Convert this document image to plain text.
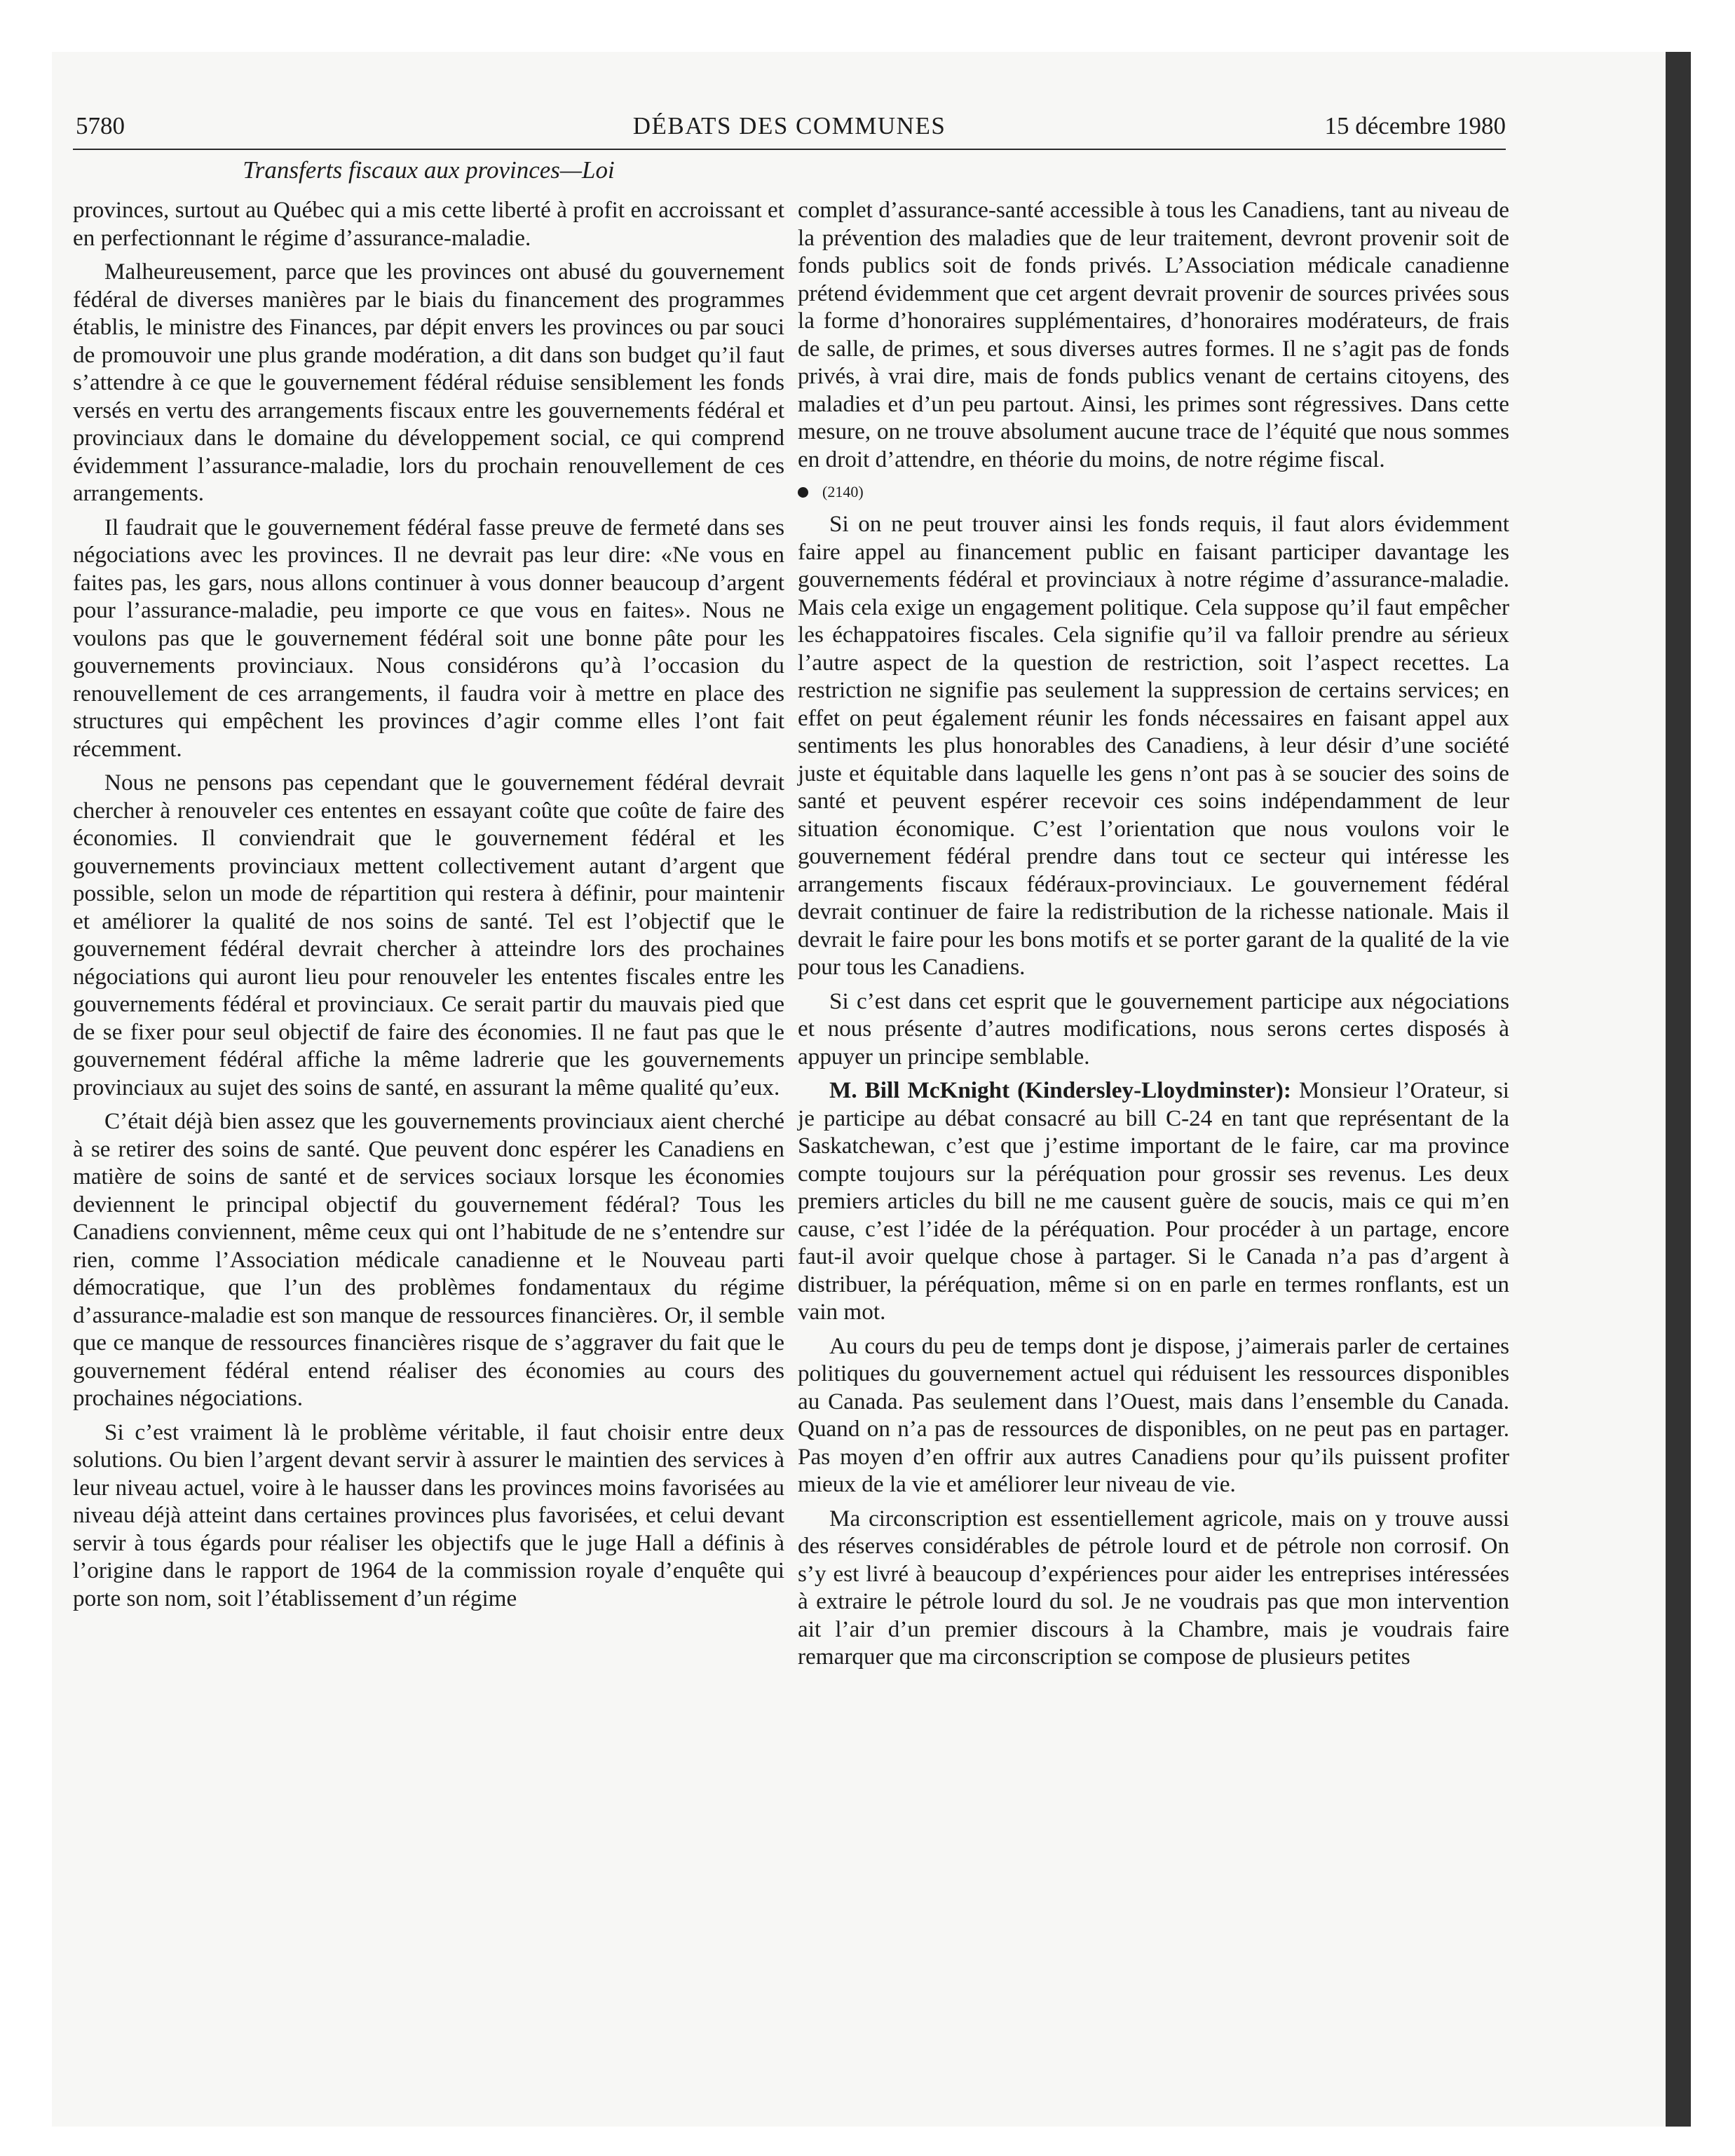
5780	DÉBATS DES COMMUNES	15 décembre 1980
Transferts fiscaux aux provinces—Loi

provinces, surtout au Québec qui a mis cette liberté à profit en accroissant et en perfectionnant le régime d’assurance-maladie.

Malheureusement, parce que les provinces ont abusé du gouvernement fédéral de diverses manières par le biais du financement des programmes établis, le ministre des Finances, par dépit envers les provinces ou par souci de promouvoir une plus grande modération, a dit dans son budget qu’il faut s’attendre à ce que le gouvernement fédéral réduise sensiblement les fonds versés en vertu des arrangements fiscaux entre les gouvernements fédéral et provinciaux dans le domaine du développement social, ce qui comprend évidemment l’assurance-maladie, lors du prochain renouvellement de ces arrangements.

Il faudrait que le gouvernement fédéral fasse preuve de fermeté dans ses négociations avec les provinces. Il ne devrait pas leur dire: «Ne vous en faites pas, les gars, nous allons continuer à vous donner beaucoup d’argent pour l’assurance-maladie, peu importe ce que vous en faites». Nous ne voulons pas que le gouvernement fédéral soit une bonne pâte pour les gouvernements provinciaux. Nous considérons qu’à l’occasion du renouvellement de ces arrangements, il faudra voir à mettre en place des structures qui empêchent les provinces d’agir comme elles l’ont fait récemment.

Nous ne pensons pas cependant que le gouvernement fédéral devrait chercher à renouveler ces ententes en essayant coûte que coûte de faire des économies. Il conviendrait que le gouvernement fédéral et les gouvernements provinciaux mettent collectivement autant d’argent que possible, selon un mode de répartition qui restera à définir, pour maintenir et améliorer la qualité de nos soins de santé. Tel est l’objectif que le gouvernement fédéral devrait chercher à atteindre lors des prochaines négociations qui auront lieu pour renouveler les ententes fiscales entre les gouvernements fédéral et provinciaux. Ce serait partir du mauvais pied que de se fixer pour seul objectif de faire des économies. Il ne faut pas que le gouvernement fédéral affiche la même ladrerie que les gouvernements provinciaux au sujet des soins de santé, en assurant la même qualité qu’eux.

C’était déjà bien assez que les gouvernements provinciaux aient cherché à se retirer des soins de santé. Que peuvent donc espérer les Canadiens en matière de soins de santé et de services sociaux lorsque les économies deviennent le principal objectif du gouvernement fédéral? Tous les Canadiens conviennent, même ceux qui ont l’habitude de ne s’entendre sur rien, comme l’Association médicale canadienne et le Nouveau parti démocratique, que l’un des problèmes fondamentaux du régime d’assurance-maladie est son manque de ressources financières. Or, il semble que ce manque de ressources financières risque de s’aggraver du fait que le gouvernement fédéral entend réaliser des économies au cours des prochaines négociations.

Si c’est vraiment là le problème véritable, il faut choisir entre deux solutions. Ou bien l’argent devant servir à assurer le maintien des services à leur niveau actuel, voire à le hausser dans les provinces moins favorisées au niveau déjà atteint dans certaines provinces plus favorisées, et celui devant servir à tous égards pour réaliser les objectifs que le juge Hall a définis à l’origine dans le rapport de 1964 de la commission royale d’enquête qui porte son nom, soit l’établissement d’un régime

complet d’assurance-santé accessible à tous les Canadiens, tant au niveau de la prévention des maladies que de leur traitement, devront provenir soit de fonds publics soit de fonds privés. L’Association médicale canadienne prétend évidemment que cet argent devrait provenir de sources privées sous la forme d’honoraires supplémentaires, d’honoraires modérateurs, de frais de salle, de primes, et sous diverses autres formes. Il ne s’agit pas de fonds privés, à vrai dire, mais de fonds publics venant de certains citoyens, des maladies et d’un peu partout. Ainsi, les primes sont régressives. Dans cette mesure, on ne trouve absolument aucune trace de l’équité que nous sommes en droit d’attendre, en théorie du moins, de notre régime fiscal.

(2140)

Si on ne peut trouver ainsi les fonds requis, il faut alors évidemment faire appel au financement public en faisant participer davantage les gouvernements fédéral et provinciaux à notre régime d’assurance-maladie. Mais cela exige un engagement politique. Cela suppose qu’il faut empêcher les échappatoires fiscales. Cela signifie qu’il va falloir prendre au sérieux l’autre aspect de la question de restriction, soit l’aspect recettes. La restriction ne signifie pas seulement la suppression de certains services; en effet on peut également réunir les fonds nécessaires en faisant appel aux sentiments les plus honorables des Canadiens, à leur désir d’une société juste et équitable dans laquelle les gens n’ont pas à se soucier des soins de santé et peuvent espérer recevoir ces soins indépendamment de leur situation économique. C’est l’orientation que nous voulons voir le gouvernement fédéral prendre dans tout ce secteur qui intéresse les arrangements fiscaux fédéraux-provinciaux. Le gouvernement fédéral devrait continuer de faire la redistribution de la richesse nationale. Mais il devrait le faire pour les bons motifs et se porter garant de la qualité de la vie pour tous les Canadiens.

Si c’est dans cet esprit que le gouvernement participe aux négociations et nous présente d’autres modifications, nous serons certes disposés à appuyer un principe semblable.

M. Bill McKnight (Kindersley-Lloydminster): Monsieur l’Orateur, si je participe au débat consacré au bill C-24 en tant que représentant de la Saskatchewan, c’est que j’estime important de le faire, car ma province compte toujours sur la péréquation pour grossir ses revenus. Les deux premiers articles du bill ne me causent guère de soucis, mais ce qui m’en cause, c’est l’idée de la péréquation. Pour procéder à un partage, encore faut-il avoir quelque chose à partager. Si le Canada n’a pas d’argent à distribuer, la péréquation, même si on en parle en termes ronflants, est un vain mot.

Au cours du peu de temps dont je dispose, j’aimerais parler de certaines politiques du gouvernement actuel qui réduisent les ressources disponibles au Canada. Pas seulement dans l’Ouest, mais dans l’ensemble du Canada. Quand on n’a pas de ressources de disponibles, on ne peut pas en partager. Pas moyen d’en offrir aux autres Canadiens pour qu’ils puissent profiter mieux de la vie et améliorer leur niveau de vie.

Ma circonscription est essentiellement agricole, mais on y trouve aussi des réserves considérables de pétrole lourd et de pétrole non corrosif. On s’y est livré à beaucoup d’expériences pour aider les entreprises intéressées à extraire le pétrole lourd du sol. Je ne voudrais pas que mon intervention ait l’air d’un premier discours à la Chambre, mais je voudrais faire remarquer que ma circonscription se compose de plusieurs petites
